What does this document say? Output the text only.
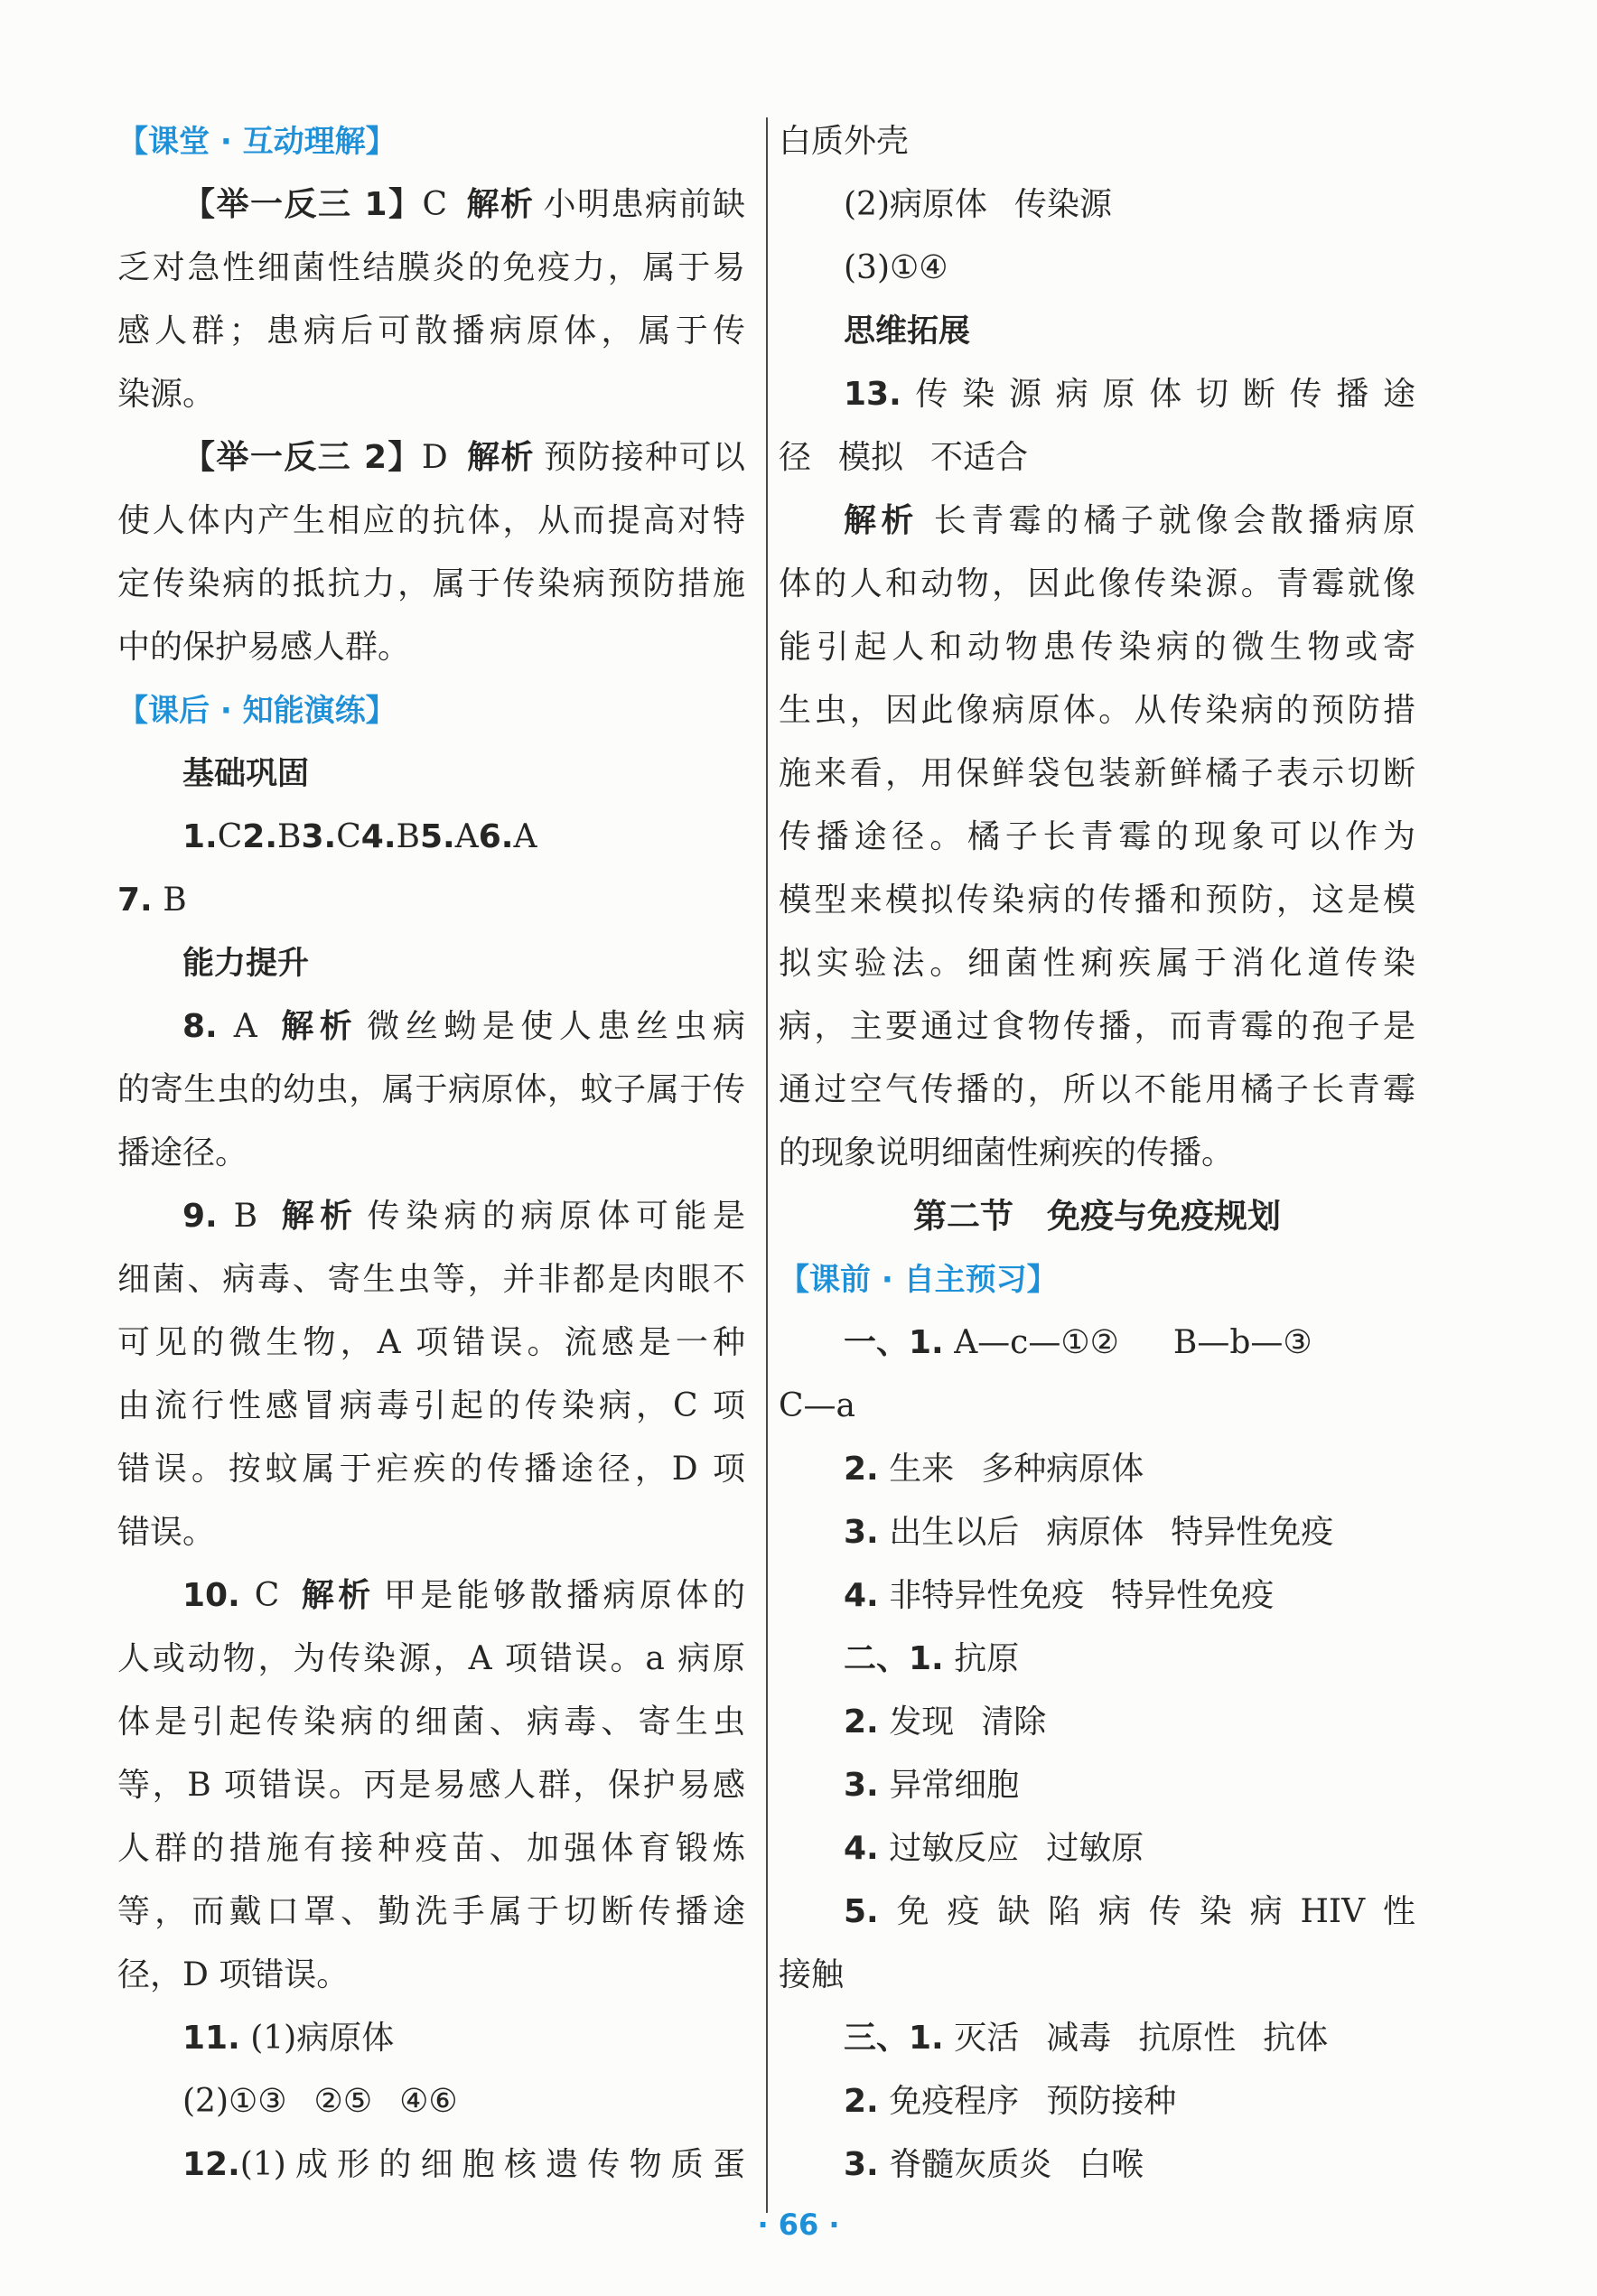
【课堂 · 互动理解】
【举一反三 1】C 解析 小明患病前缺
乏对急性细菌性结膜炎的免疫力，属于易
感人群；患病后可散播病原体，属于传
染源。
【举一反三 2】D 解析 预防接种可以
使人体内产生相应的抗体，从而提高对特
定传染病的抵抗力，属于传染病预防措施
中的保护易感人群。
【课后 · 知能演练】
基础巩固
1.C2.B3.C4.B5.A6.A
7. B
能力提升
8. A 解析 微丝蚴是使人患丝虫病
的寄生虫的幼虫，属于病原体，蚊子属于传
播途径。
9. B 解析 传染病的病原体可能是
细菌、病毒、寄生虫等，并非都是肉眼不
可见的微生物，A 项错误。流感是一种
由流行性感冒病毒引起的传染病，C 项
错误。按蚊属于疟疾的传播途径，D 项
错误。
10. C 解析 甲是能够散播病原体的
人或动物，为传染源，A 项错误。a 病原
体是引起传染病的细菌、病毒、寄生虫
等，B 项错误。丙是易感人群，保护易感
人群的措施有接种疫苗、加强体育锻炼
等，而戴口罩、勤洗手属于切断传播途
径，D 项错误。
11. (1)病原体
(2)①③ ②⑤ ④⑥
12.(1)成形的细胞核遗传物质蛋
白质外壳
(2)病原体 传染源
(3)①④
思维拓展
13.传染源病原体切断传播途
径 模拟 不适合
解析 长青霉的橘子就像会散播病原
体的人和动物，因此像传染源。青霉就像
能引起人和动物患传染病的微生物或寄
生虫，因此像病原体。从传染病的预防措
施来看，用保鲜袋包装新鲜橘子表示切断
传播途径。橘子长青霉的现象可以作为
模型来模拟传染病的传播和预防，这是模
拟实验法。细菌性痢疾属于消化道传染
病，主要通过食物传播，而青霉的孢子是
通过空气传播的，所以不能用橘子长青霉
的现象说明细菌性痢疾的传播。
第二节　免疫与免疫规划
【课前 · 自主预习】
一、1. A—c—①② B—b—③
C—a
2. 生来 多种病原体
3. 出生以后 病原体 特异性免疫
4. 非特异性免疫 特异性免疫
二、1. 抗原
2. 发现 清除
3. 异常细胞
4. 过敏反应 过敏原
5.免疫缺陷病传染病HIV性
接触
三、1. 灭活 减毒 抗原性 抗体
2. 免疫程序 预防接种
3. 脊髓灰质炎 白喉
· 66 ·
